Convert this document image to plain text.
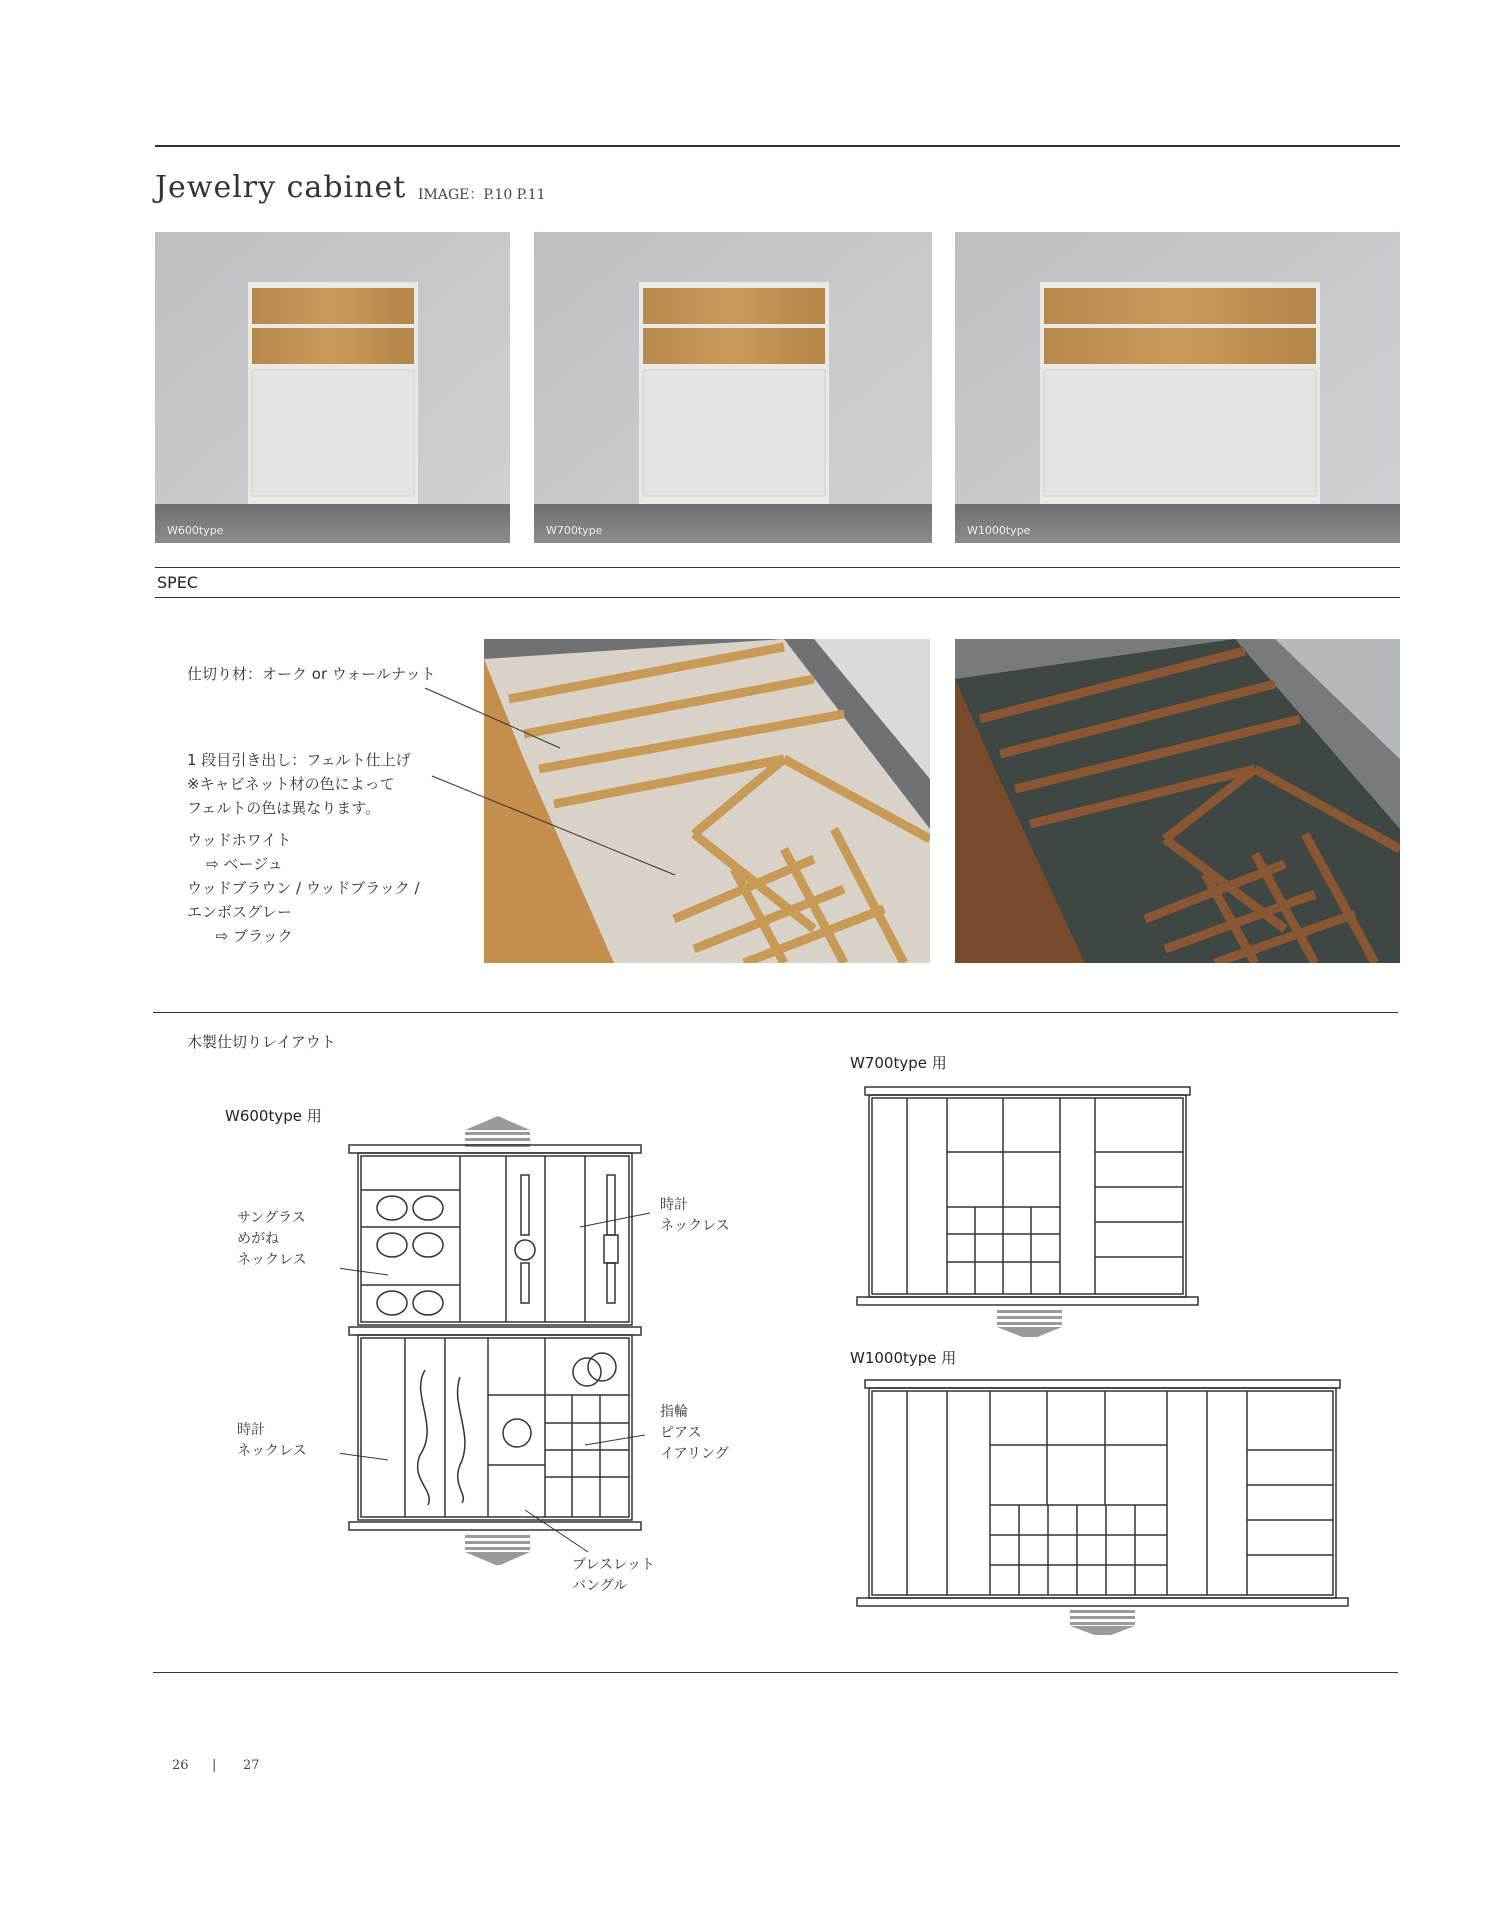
Jewelry cabinet IMAGE：P.10 P.11
W600type	W700type	W1000type
SPEC
仕切り材：オーク or ウォールナット
1 段目引き出し：フェルト仕上げ
※キャビネット材の色によって
フェルトの色は異なります。
ウッドホワイト
⇨ ベージュ
ウッドブラウン / ウッドブラック /
エンボスグレー
⇨ ブラック
木製仕切りレイアウト
W600type 用
W700type 用
W1000type 用
サングラス
めがね
ネックレス
時計
ネックレス
時計
ネックレス
指輪
ピアス
イアリング
ブレスレット
バングル
26 | 27
